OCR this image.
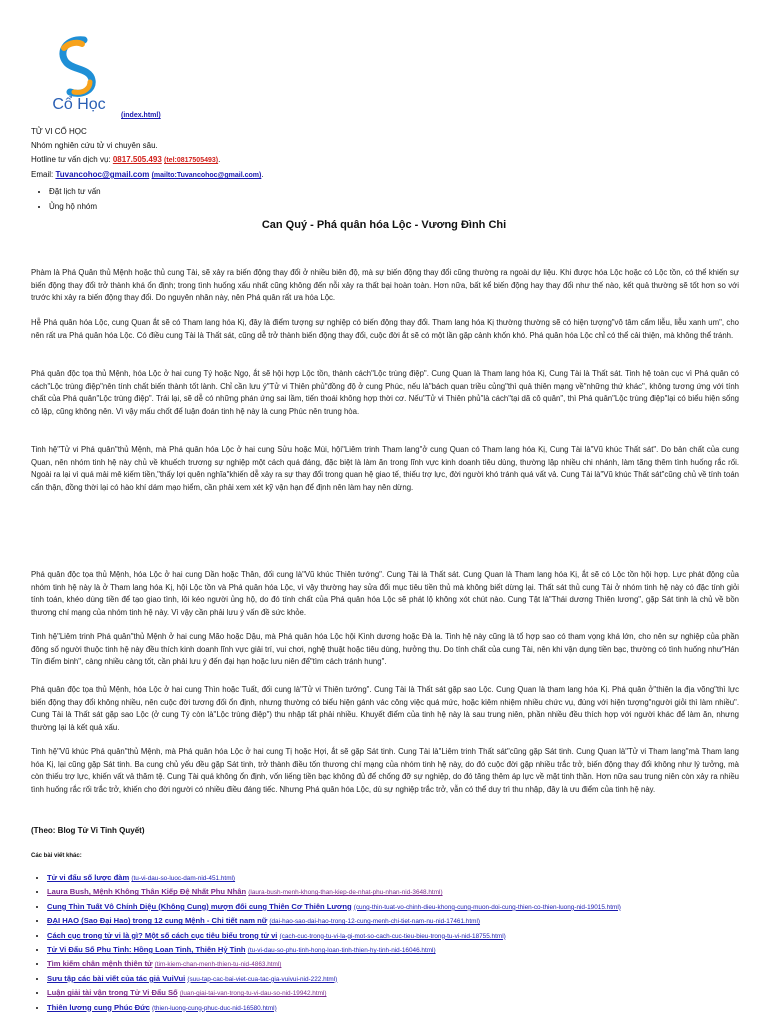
Cổ Học
(index.html)
TỬ VI CỔ HỌC
Nhóm nghiên cứu tử vi chuyên sâu.
Hotline tư vấn dịch vụ: 0817.505.493 (tel:0817505493).
Email: Tuvancohoc@gmail.com (mailto:Tuvancohoc@gmail.com).
• Đặt lịch tư vấn
• Ủng hộ nhóm
Can Quý - Phá quân hóa Lộc - Vương Đình Chi

Phàm là Phá Quân thủ Mệnh hoặc thủ cung Tài, sẽ xảy ra biến động thay đổi ở nhiều biên độ, mà sự biến động thay đổi cũng thường ra ngoài dự liệu. Khi được hóa Lộc hoặc có Lộc tồn, có thể khiến sự biến động thay đổi trở thành khá ổn định; trong tình huống xấu nhất cũng không đến nỗi xảy ra thất bại hoàn toàn. Hơn nữa, bất kể biến động hay thay đổi như thế nào, kết quả thường sẽ tốt hơn so với trước khi xảy ra biến động thay đổi. Do nguyên nhân này, nên Phá quân rất ưa hóa Lộc.

Hễ Phá quân hóa Lộc, cung Quan ắt sẽ có Tham lang hóa Kị, đây là điểm tượng sự nghiệp có biến động thay đổi. Tham lang hóa Kị thường thường sẽ có hiện tượng"vô tâm cẩm liễu, liễu xanh um", cho nên rất ưa Phá quân hóa Lộc. Có điều cung Tài là Thất sát, cũng dễ trở thành biến động thay đổi, cuộc đời ắt sẽ có một lần gặp cảnh khốn khó. Phá quân hóa Lộc chỉ có thể cải thiện, mà không thể tránh.

Phá quân độc tọa thủ Mệnh, hóa Lộc ở hai cung Tý hoặc Ngọ, ắt sẽ hội hợp Lộc tồn, thành cách"Lộc trùng điệp". Cung Quan là Tham lang hóa Kị, Cung Tài là Thất sát. Tinh hệ toàn cục vì Phá quân có cách"Lộc trùng điệp"nên tính chất biến thành tốt lành. Chỉ cần lưu ý"Tử vi Thiên phủ"đồng độ ở cung Phúc, nếu là"bách quan triều củng"thì quả thiên mạng về"những thứ khác", không tương ứng với tính chất của Phá quân"Lộc trùng điệp". Trái lại, sẽ dễ có những phán ứng sai lầm, tiến thoái không hợp thời cơ. Nếu"Tử vi Thiên phủ"là cách"tại dã cô quân", thì Phá quân"Lộc trùng điệp"lại có biểu hiện sống cô lập, cũng không nên. Vì vậy mấu chốt để luận đoán tinh hệ này là cung Phúc nên trung hòa.

Tinh hệ"Tử vi Phá quân"thủ Mệnh, mà Phá quân hóa Lộc ở hai cung Sửu hoặc Mùi, hội"Liêm trinh Tham lang"ở cung Quan có Tham lang hóa Kị, Cung Tài là"Vũ khúc Thất sát". Do bản chất của cung Quan, nên nhóm tinh hệ này chủ về khuếch trương sự nghiệp một cách quá đáng, đặc biệt là làm ăn trong lĩnh vực kinh doanh tiêu dùng, thường lập nhiều chi nhánh, làm tăng thêm tình huống rắc rối. Ngoài ra lại vì quá mải mê kiếm tiền,"thấy lợi quên nghĩa"khiến dễ xảy ra sự thay đổi trong quan hệ giao tế, thiếu trợ lực, đời người khó tránh quá vất vả. Cung Tài là"Vũ khúc Thất sát"cũng chủ về tính toán cẩn thận, đồng thời lại có hào khí dám mạo hiểm, cần phải xem xét kỹ vận hạn để định nên làm hay nên dừng.

Phá quân độc tọa thủ Mệnh, hóa Lộc ở hai cung Dần hoặc Thân, đối cung là"Vũ khúc Thiên tướng". Cung Tài là Thất sát. Cung Quan là Tham lang hóa Kị, ắt sẽ có Lộc tồn hội hợp. Lực phát động của nhóm tinh hệ này là ở Tham lang hóa Kị, hội Lộc tồn và Phá quân hóa Lộc, vì vậy thường hay sửa đổi mục tiêu tiền thủ mà không biết dừng lại. Thất sát thủ cung Tài ở nhóm tinh hệ này có đặc tính giỏi tính toán, khéo dùng tiền để tạo giao tình, lôi kéo người ủng hộ, do đó tính chất của Phá quân hóa Lộc sẽ phát lộ không xót chút nào. Cung Tật là"Thái dương Thiên lương", gặp Sát tinh là chủ về bồn thương chí mạng của nhóm tinh hệ này. Vì vậy cần phải lưu ý vấn đề sức khỏe.

Tinh hệ"Liêm trinh Phá quân"thủ Mệnh ở hai cung Mão hoặc Dậu, mà Phá quân hóa Lộc hội Kình dương hoặc Đà la. Tinh hệ này cũng là tổ hợp sao có tham vọng khá lớn, cho nên sự nghiệp của phần đông số người thuộc tinh hệ này đều thích kinh doanh lĩnh vực giải trí, vui chơi, nghệ thuật hoặc tiêu dùng, hưởng thụ. Do tính chất của cung Tài, nên khi vận dụng tiền bạc, thường có tình huống như"Hán Tín điểm binh", càng nhiều càng tốt, cần phải lưu ý đến đại hạn hoặc lưu niên để"tìm cách tránh hung".

Phá quân độc tọa thủ Mệnh, hóa Lộc ở hai cung Thìn hoặc Tuất, đối cung là"Tử vi Thiên tướng". Cung Tài là Thất sát gặp sao Lộc. Cung Quan là tham lang hóa Kị. Phá quân ở"thiên la địa võng"thì lực biến động thay đổi không nhiều, nên cuộc đời tương đối ổn định, nhưng thường có biểu hiện gánh vác công việc quá mức, hoặc kiêm nhiệm nhiều chức vụ, đúng với hiện tượng"người giỏi thì làm nhiều". Cung Tài là Thất sát gặp sao Lộc (ở cung Tý còn là"Lộc trùng điệp") thu nhập tất phải nhiều. Khuyết điểm của tinh hệ này là sau trung niên, phần nhiều đều thích hợp với người khác để làm ăn, nhưng thường lại là kết quả xấu.

Tinh hệ"Vũ khúc Phá quân"thủ Mệnh, mà Phá quân hóa Lộc ở hai cung Tị hoặc Hợi, ắt sẽ gặp Sát tinh. Cung Tài là"Liêm trinh Thất sát"cũng gặp Sát tinh. Cung Quan là"Tử vi Tham lang"mà Tham lang hóa Kị, lại cũng gặp Sát tinh. Ba cung chủ yếu đều gặp Sát tinh, trở thành điều tốn thương chí mạng của nhóm tinh hệ này, do đó cuộc đời gặp nhiều trắc trở, biến động thay đổi không như lý tưởng, mà còn thiếu trợ lực, khiến vất vả thăm tệ. Cung Tài quá không ổn định, vốn liếng tiền bạc không đủ để chống đỡ sự nghiệp, do đó tăng thêm áp lực về mặt tinh thần. Hơn nữa sau trung niên còn xảy ra nhiều tình huống rắc rối trắc trở, khiến cho đời người có nhiều điều đáng tiếc. Nhưng Phá quân hóa Lộc, dù sự nghiệp trắc trở, vẫn có thể duy trì thu nhập, đây là ưu điểm của tinh hệ này.

(Theo: Blog Tử Vi Tinh Quyết)
Các bài viết khác:
• Tử vi đẩu số lược đàm (tu-vi-dau-so-luoc-dam-nid-451.html)
• Laura Bush, Mệnh Không Thân Kiếp Đệ Nhất Phu Nhân (laura-bush-menh-khong-than-kiep-de-nhat-phu-nhan-nid-3648.html)
• Cung Thìn Tuất Vô Chính Diệu (Không Cung) mượn đối cung Thiên Cơ Thiên Lương (cung-thin-tuat-vo-chinh-dieu-khong-cung-muon-doi-cung-thien-co-thien-luong-nid-19015.html)
• ĐẠI HAO (Sao Đại Hao) trong 12 cung Mệnh - Chi tiết nam nữ (dai-hao-sao-dai-hao-trong-12-cung-menh-chi-tiet-nam-nu-nid-17461.html)
• Cách cục trong tử vi là gì? Một số cách cục tiêu biểu trong tử vi (cach-cuc-trong-tu-vi-la-gi-mot-so-cach-cuc-tieu-bieu-trong-tu-vi-nid-18755.html)
• Tử Vi Đẩu Số Phu Tinh: Hồng Loan Tinh, Thiên Hỷ Tinh (tu-vi-dau-so-phu-tinh-hong-loan-tinh-thien-hy-tinh-nid-16046.html)
• Tìm kiếm chân mệnh thiên tử (tim-kiem-chan-menh-thien-tu-nid-4863.html)
• Sưu tập các bài viết của tác giả VuiVui (suu-tap-cac-bai-viet-cua-tac-gia-vuivui-nid-222.html)
• Luận giải tài vận trong Tử Vi Đẩu Số (luan-giai-tai-van-trong-tu-vi-dau-so-nid-19942.html)
• Thiên lương cung Phúc Đức (thien-luong-cung-phuc-duc-nid-16580.html)
